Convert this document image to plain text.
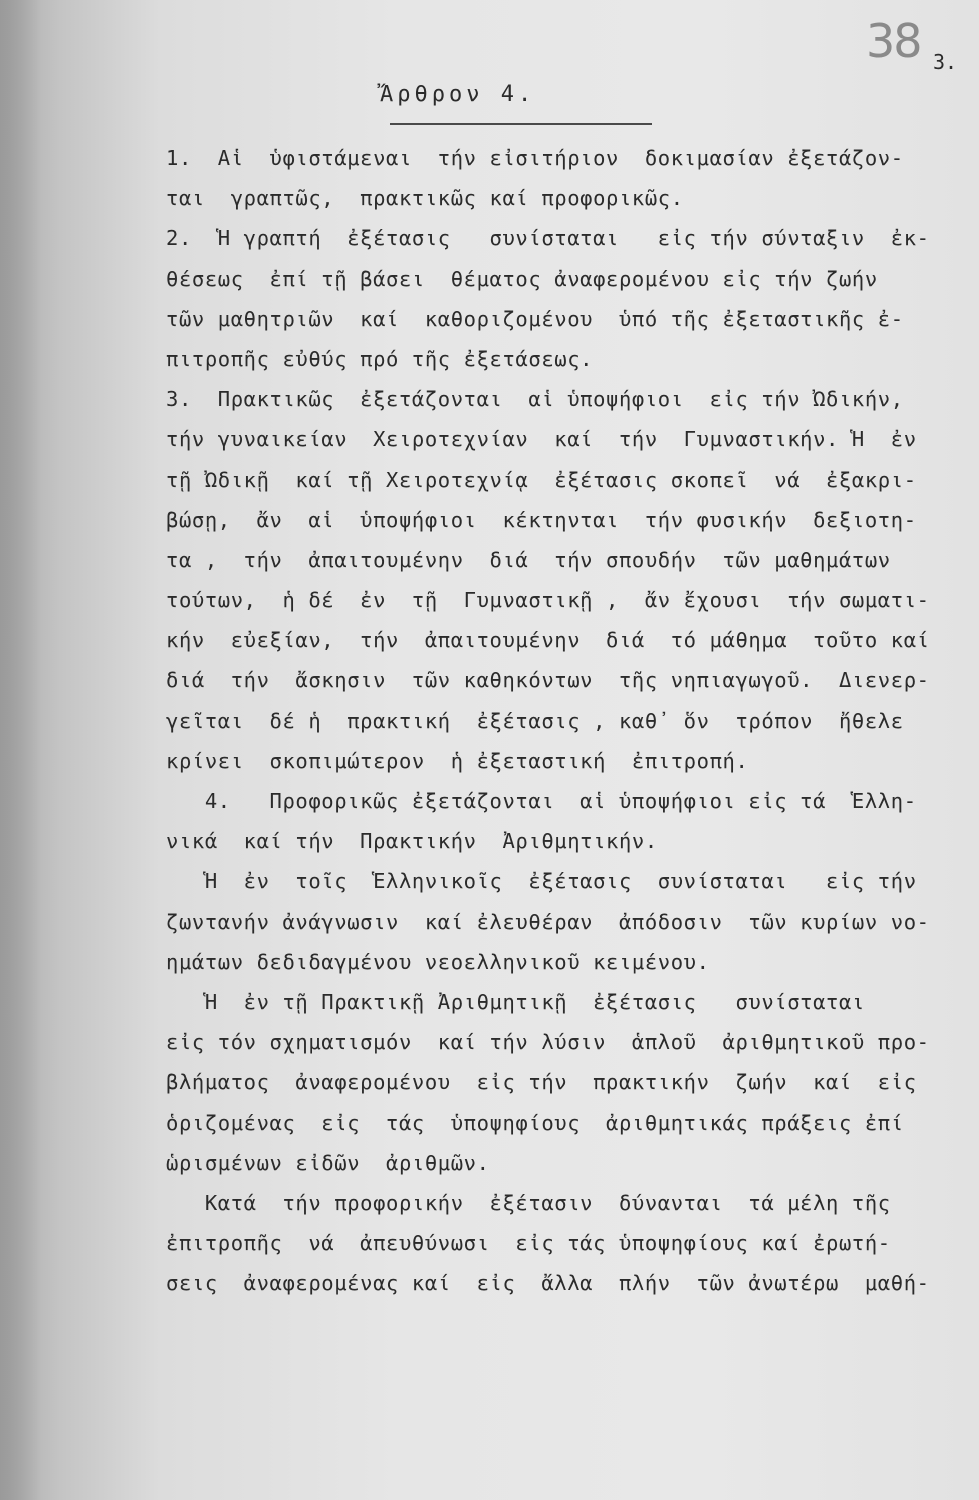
38 3.
Ἄρθρον 4.
1.  Αἱ  ὑφιστάμεναι  τήν εἰσιτήριον  δοκιμασίαν ἐξετάζον-
ται  γραπτῶς,  πρακτικῶς καί προφορικῶς.
2.  Ἡ γραπτή  ἐξέτασις   συνίσταται   εἰς τήν σύνταξιν  ἐκ-
θέσεως  ἐπί τῇ βάσει  θέματος ἀναφερομένου εἰς τήν ζωήν
τῶν μαθητριῶν  καί  καθοριζομένου  ὑπό τῆς ἐξεταστικῆς ἐ-
πιτροπῆς εὐθύς πρό τῆς ἐξετάσεως.
3.  Πρακτικῶς  ἐξετάζονται  αἱ ὑποψήφιοι  εἰς τήν Ὠδικήν,
τήν γυναικείαν  Χειροτεχνίαν  καί  τήν  Γυμναστικήν. Ἡ  ἐν
τῇ Ὠδικῇ  καί τῇ Χειροτεχνίᾳ  ἐξέτασις σκοπεῖ  νά  ἐξακρι-
βώσῃ,  ἄν  αἱ  ὑποψήφιοι  κέκτηνται  τήν φυσικήν  δεξιοτη-
τα ,  τήν  ἀπαιτουμένην  διά  τήν σπουδήν  τῶν μαθημάτων
τούτων,  ἡ δέ  ἐν  τῇ  Γυμναστικῇ ,  ἄν ἔχουσι  τήν σωματι-
κήν  εὐεξίαν,  τήν  ἀπαιτουμένην  διά  τό μάθημα  τοῦτο καί
διά  τήν  ἄσκησιν  τῶν καθηκόντων  τῆς νηπιαγωγοῦ.  Διενερ-
γεῖται  δέ ἡ  πρακτική  ἐξέτασις , καθ᾽ ὅν  τρόπον  ἤθελε
κρίνει  σκοπιμώτερον  ἡ ἐξεταστική  ἐπιτροπή.
4.   Προφορικῶς ἐξετάζονται  αἱ ὑποψήφιοι εἰς τά  Ἑλλη-
νικά  καί τήν  Πρακτικήν  Ἀριθμητικήν.
Ἡ  ἐν  τοῖς  Ἑλληνικοῖς  ἐξέτασις  συνίσταται   εἰς τήν
ζωντανήν ἀνάγνωσιν  καί ἐλευθέραν  ἀπόδοσιν  τῶν κυρίων νο-
ημάτων δεδιδαγμένου νεοελληνικοῦ κειμένου.
Ἡ  ἐν τῇ Πρακτικῇ Ἀριθμητικῇ  ἐξέτασις   συνίσταται
εἰς τόν σχηματισμόν  καί τήν λύσιν  ἁπλοῦ  ἀριθμητικοῦ προ-
βλήματος  ἀναφερομένου  εἰς τήν  πρακτικήν  ζωήν  καί  εἰς
ὁριζομένας  εἰς  τάς  ὑποψηφίους  ἀριθμητικάς πράξεις ἐπί
ὡρισμένων εἰδῶν  ἀριθμῶν.
Κατά  τήν προφορικήν  ἐξέτασιν  δύνανται  τά μέλη τῆς
ἐπιτροπῆς  νά  ἀπευθύνωσι  εἰς τάς ὑποψηφίους καί ἐρωτή-
σεις  ἀναφερομένας καί  εἰς  ἄλλα  πλήν  τῶν ἀνωτέρω  μαθή-
